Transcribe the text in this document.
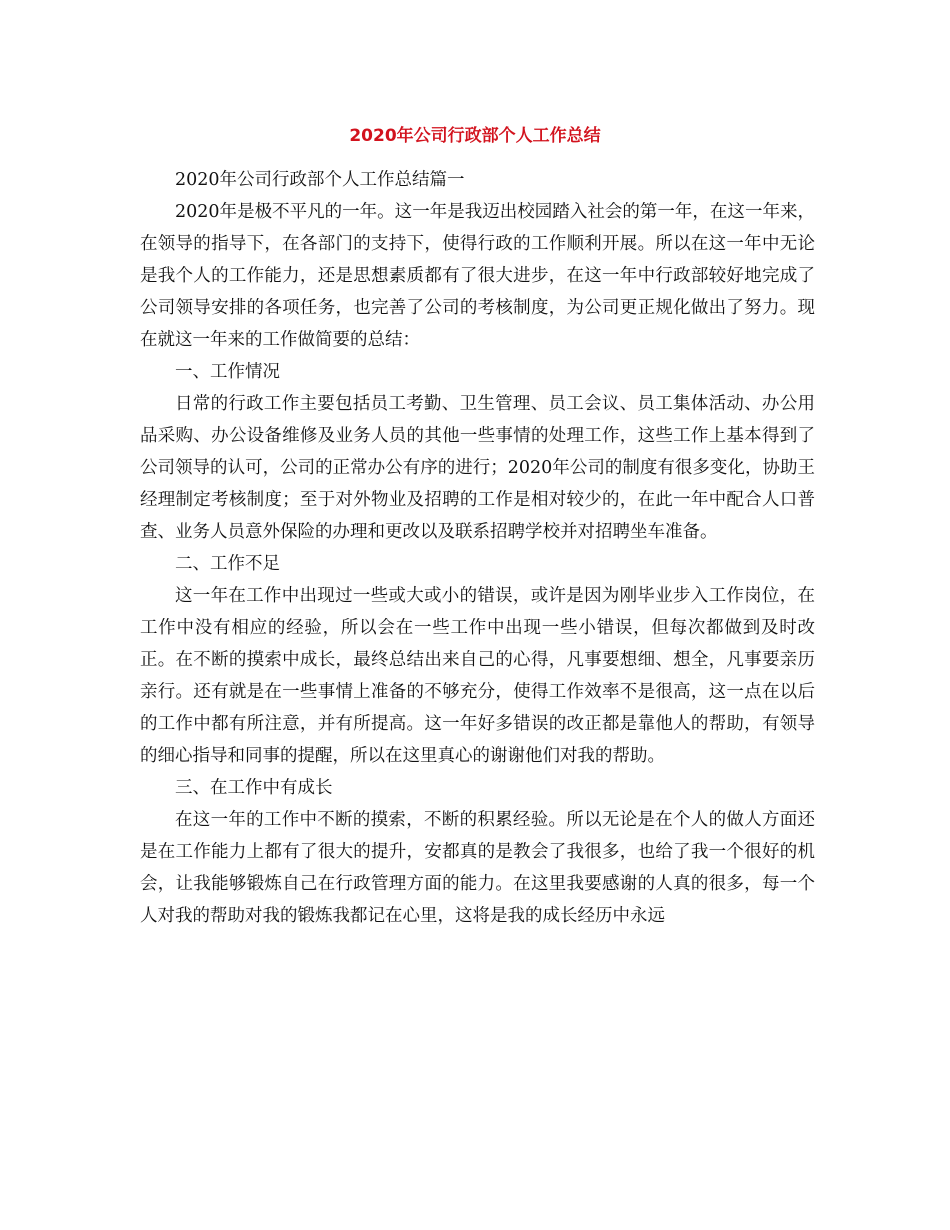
2020年公司行政部个人工作总结

2020年公司行政部个人工作总结篇一

2020年是极不平凡的一年。这一年是我迈出校园踏入社会的第一年，在这一年来，在领导的指导下，在各部门的支持下，使得行政的工作顺利开展。所以在这一年中无论是我个人的工作能力，还是思想素质都有了很大进步，在这一年中行政部较好地完成了公司领导安排的各项任务，也完善了公司的考核制度，为公司更正规化做出了努力。现在就这一年来的工作做简要的总结：

一、工作情况

日常的行政工作主要包括员工考勤、卫生管理、员工会议、员工集体活动、办公用品采购、办公设备维修及业务人员的其他一些事情的处理工作，这些工作上基本得到了公司领导的认可，公司的正常办公有序的进行；2020年公司的制度有很多变化，协助王经理制定考核制度；至于对外物业及招聘的工作是相对较少的，在此一年中配合人口普查、业务人员意外保险的办理和更改以及联系招聘学校并对招聘坐车准备。

二、工作不足

这一年在工作中出现过一些或大或小的错误，或许是因为刚毕业步入工作岗位，在工作中没有相应的经验，所以会在一些工作中出现一些小错误，但每次都做到及时改正。在不断的摸索中成长，最终总结出来自己的心得，凡事要想细、想全，凡事要亲历亲行。还有就是在一些事情上准备的不够充分，使得工作效率不是很高，这一点在以后的工作中都有所注意，并有所提高。这一年好多错误的改正都是靠他人的帮助，有领导的细心指导和同事的提醒，所以在这里真心的谢谢他们对我的帮助。

三、在工作中有成长

在这一年的工作中不断的摸索，不断的积累经验。所以无论是在个人的做人方面还是在工作能力上都有了很大的提升，安都真的是教会了我很多，也给了我一个很好的机会，让我能够锻炼自己在行政管理方面的能力。在这里我要感谢的人真的很多，每一个人对我的帮助对我的锻炼我都记在心里，这将是我的成长经历中永远
